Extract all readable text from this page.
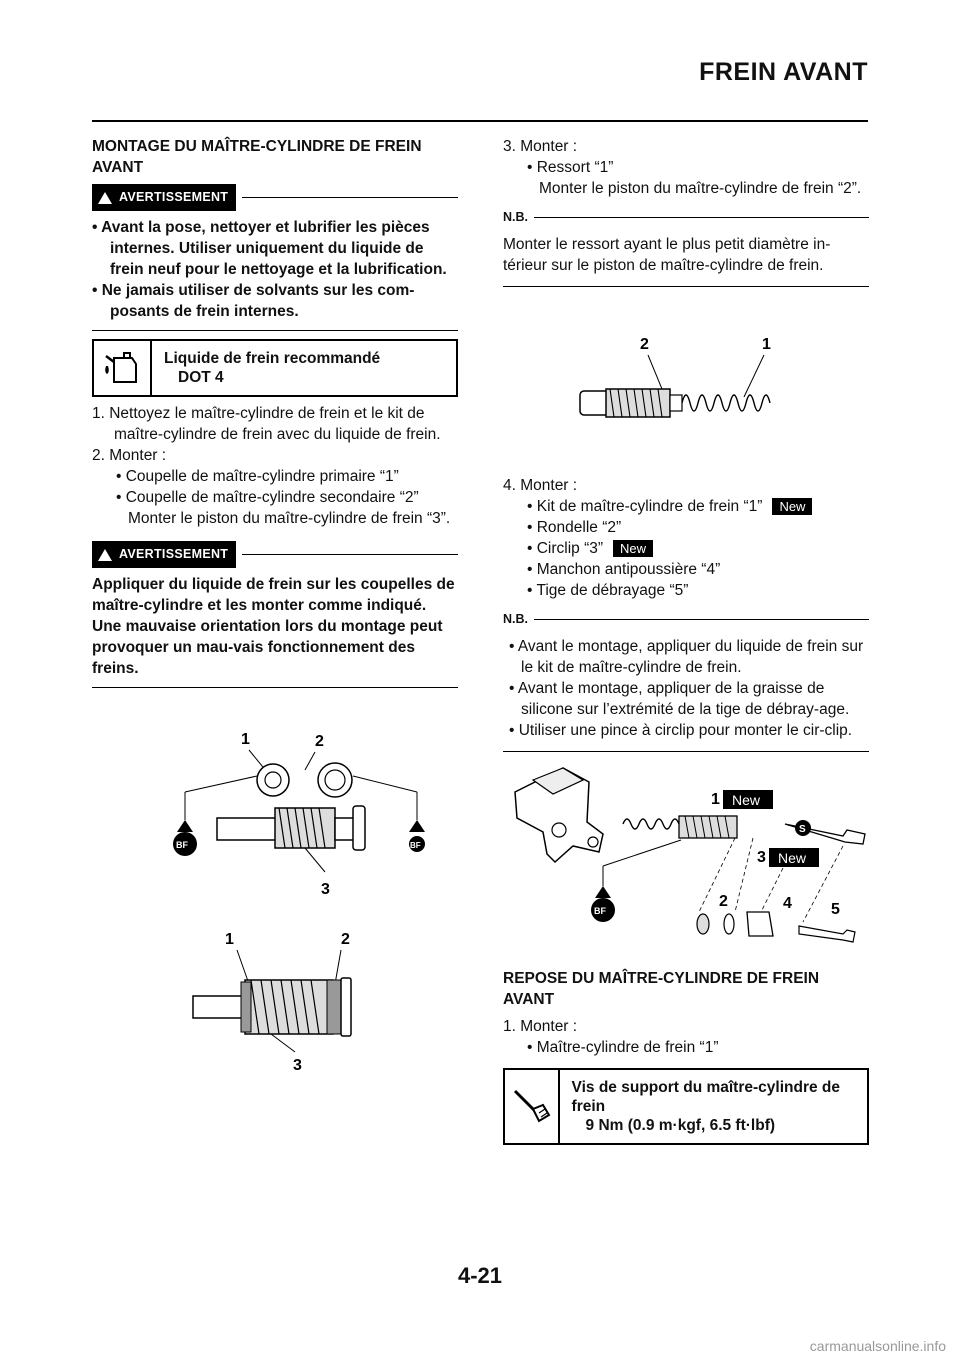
FREIN AVANT
MONTAGE DU MAÎTRE-CYLINDRE DE FREIN AVANT
AVERTISSEMENT
• Avant la pose, nettoyer et lubrifier les pièces internes. Utiliser uniquement du liquide de frein neuf pour le nettoyage et la lubrification.
• Ne jamais utiliser de solvants sur les com-posants de frein internes.
Liquide de frein recommandé
DOT 4
1. Nettoyez le maître-cylindre de frein et le kit de maître-cylindre de frein avec du liquide de frein.
2. Monter :
• Coupelle de maître-cylindre primaire “1”
• Coupelle de maître-cylindre secondaire “2”
Monter le piston du maître-cylindre de frein “3”.
AVERTISSEMENT

Appliquer du liquide de frein sur les coupelles de maître-cylindre et les monter comme indiqué. Une mauvaise orientation lors du montage peut provoquer un mau-vais fonctionnement des freins.

1	2
BF	BF
3
1	2
3
3. Monter :
• Ressort “1”
Monter le piston du maître-cylindre de frein “2”.
N.B.
Monter le ressort ayant le plus petit diamètre in-térieur sur le piston de maître-cylindre de frein.
2	1
4. Monter :
• Kit de maître-cylindre de frein “1” New
• Rondelle “2”
• Circlip “3” New
• Manchon antipoussière “4”
• Tige de débrayage “5”
N.B.
• Avant le montage, appliquer du liquide de frein sur le kit de maître-cylindre de frein.
• Avant le montage, appliquer de la graisse de silicone sur l’extrémité de la tige de débray-age.
• Utiliser une pince à circlip pour monter le cir-clip.
1 New
3 New
S
2	4 5
BF
REPOSE DU MAÎTRE-CYLINDRE DE FREIN AVANT
1. Monter :
• Maître-cylindre de frein “1”
Vis de support du maître-cylindre de frein
9 Nm (0.9 m·kgf, 6.5 ft·lbf)
4-21
carmanualsonline.info
